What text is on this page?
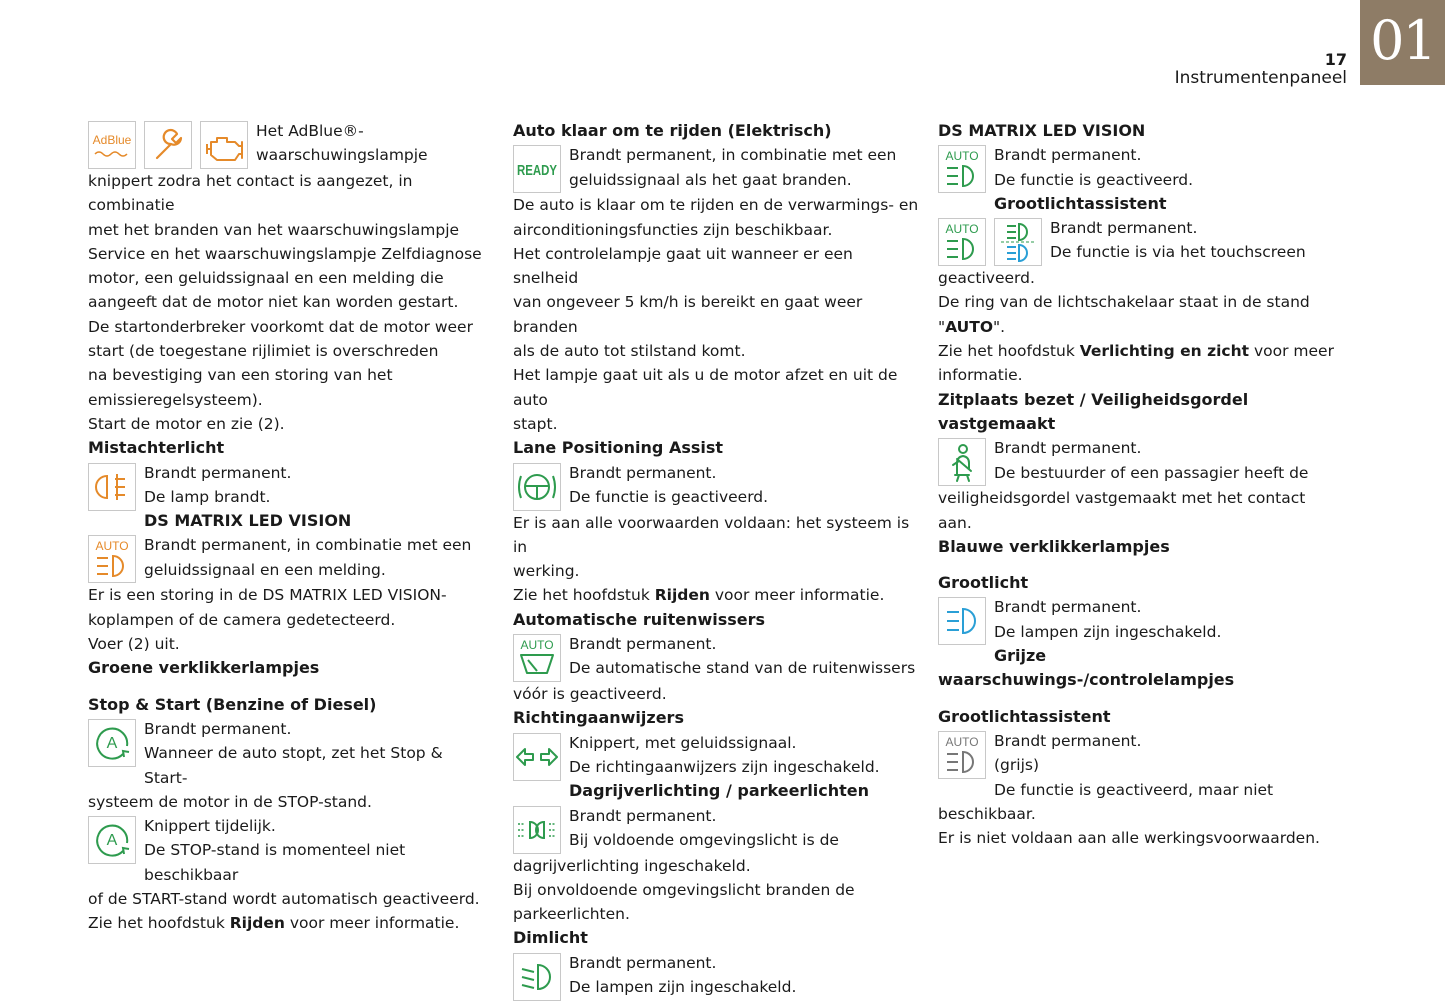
01
17
Instrumentenpaneel
AdBlue	Het AdBlue®-

waarschuwingslampje

knippert zodra het contact is aangezet, in combinatie

met het branden van het waarschuwingslampje

Service en het waarschuwingslampje Zelfdiagnose

motor, een geluidssignaal en een melding die

aangeeft dat de motor niet kan worden gestart.

De startonderbreker voorkomt dat de motor weer

start (de toegestane rijlimiet is overschreden

na bevestiging van een storing van het

emissieregelsysteem).

Start de motor en zie (2).

Mistachterlicht

Brandt permanent.

De lamp brandt.

DS MATRIX LED VISION

AUTO Brandt permanent, in combinatie met een

geluidssignaal en een melding.

Er is een storing in de DS MATRIX LED VISION-

koplampen of de camera gedetecteerd.

Voer (2) uit.

Groene verklikkerlampjes

Stop & Start (Benzine of Diesel)

A

Brandt permanent.

Wanneer de auto stopt, zet het Stop & Start-

systeem de motor in de STOP-stand.

A

Knippert tijdelijk.

De STOP-stand is momenteel niet beschikbaar

of de START-stand wordt automatisch geactiveerd.

Zie het hoofdstuk Rijden voor meer informatie.

Auto klaar om te rijden (Elektrisch)

READY

Brandt permanent, in combinatie met een

geluidssignaal als het gaat branden.

De auto is klaar om te rijden en de verwarmings- en

airconditioningsfuncties zijn beschikbaar.

Het controlelampje gaat uit wanneer er een snelheid

van ongeveer 5 km/h is bereikt en gaat weer branden

als de auto tot stilstand komt.

Het lampje gaat uit als u de motor afzet en uit de auto

stapt.

Lane Positioning Assist

Brandt permanent.

De functie is geactiveerd.

Er is aan alle voorwaarden voldaan: het systeem is in

werking.

Zie het hoofdstuk Rijden voor meer informatie.

Automatische ruitenwissers

AUTO Brandt permanent.

De automatische stand van de ruitenwissers

vóór is geactiveerd.

Richtingaanwijzers

Knippert, met geluidssignaal.

De richtingaanwijzers zijn ingeschakeld.

Dagrijverlichting / parkeerlichten

Brandt permanent.

Bij voldoende omgevingslicht is de

dagrijverlichting ingeschakeld.

Bij onvoldoende omgevingslicht branden de

parkeerlichten.

Dimlicht

Brandt permanent.

De lampen zijn ingeschakeld.

DS MATRIX LED VISION

AUTO Brandt permanent.

De functie is geactiveerd.

Grootlichtassistent

AUTO	Brandt permanent.

De functie is via het touchscreen

geactiveerd.

De ring van de lichtschakelaar staat in de stand

"AUTO".

Zie het hoofdstuk Verlichting en zicht voor meer

informatie.

Zitplaats bezet / Veiligheidsgordel vastgemaakt

Brandt permanent.

De bestuurder of een passagier heeft de

veiligheidsgordel vastgemaakt met het contact aan.

Blauwe verklikkerlampjes

Grootlicht

Brandt permanent.

De lampen zijn ingeschakeld.

Grijze waarschuwings-/controlelampjes

Grootlichtassistent

AUTO Brandt permanent.

(grijs)

De functie is geactiveerd, maar niet beschikbaar.

Er is niet voldaan aan alle werkingsvoorwaarden.
